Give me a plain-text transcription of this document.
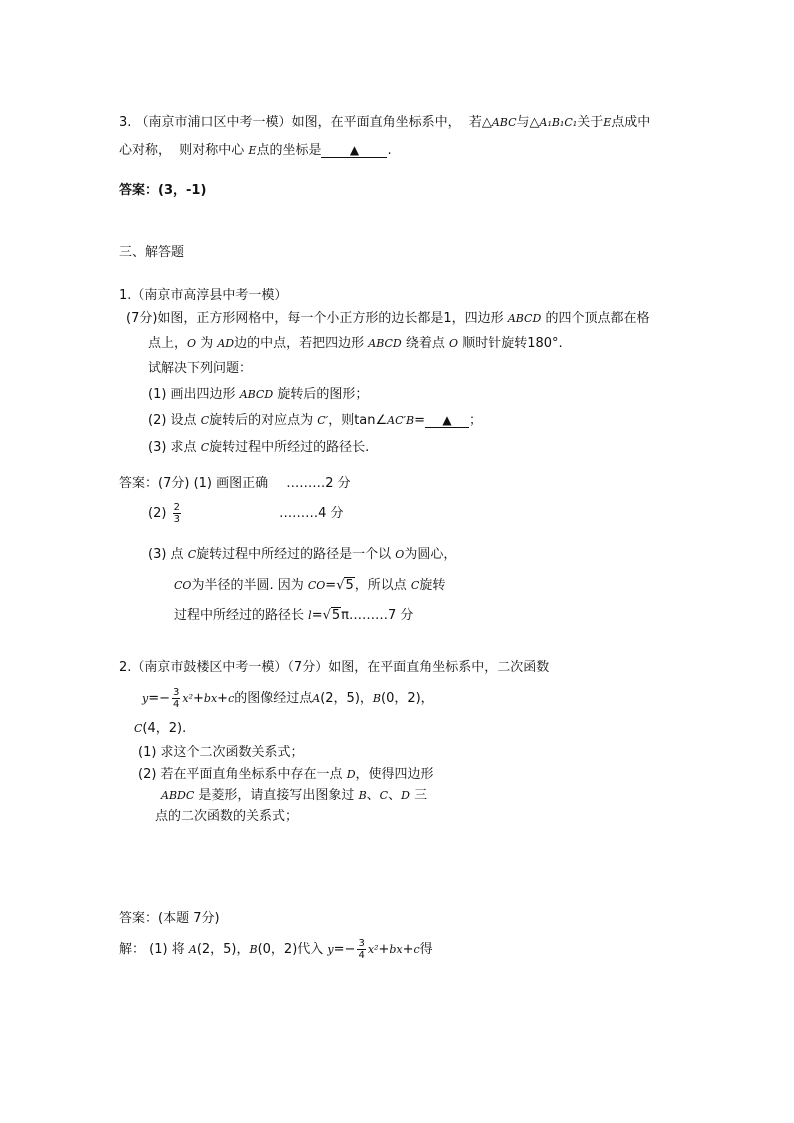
3. （南京市浦口区中考一模）如图，在平面直角坐标系中， 若△ABC与△A₁B₁C₁关于E点成中
心对称， 则对称中心 E点的坐标是 ▲ .
答案：(3，-1)
三、解答题
1.（南京市高淳县中考一模）
(7分)如图，正方形网格中，每一个小正方形的边长都是1，四边形 ABCD 的四个顶点都在格
点上，O 为 AD边的中点，若把四边形 ABCD 绕着点 O 顺时针旋转180°.
试解决下列问题：
(1) 画出四边形 ABCD 旋转后的图形；
(2) 设点 C旋转后的对应点为 C′，则tan∠AC′B= ▲ ；
(3) 求点 C旋转过程中所经过的路径长.
答案：(7分) (1) 画图正确 ………2 分
$(2) \frac{2}{3}$	………4 分
(3) 点 C旋转过程中所经过的路径是一个以 O为圆心，
CO为半径的半圆. 因为 CO=√5，所以点 C旋转
过程中所经过的路径长 l=√5π………7 分
2.（南京市鼓楼区中考一模）（7分）如图，在平面直角坐标系中，二次函数
$y=- \frac{3}{4} x^2+bx+c$的图像经过点A(2，5)，B(0，2)，
C(4，2).
(1) 求这个二次函数关系式；
(2) 若在平面直角坐标系中存在一点 D，使得四边形
ABDC 是菱形，请直接写出图象过 B、C、D 三
点的二次函数的关系式；
答案：(本题 7分)
解： (1) 将 A(2，5)，B(0，2)代入 $y=- \frac{3}{4} x^2+bx+c$得
